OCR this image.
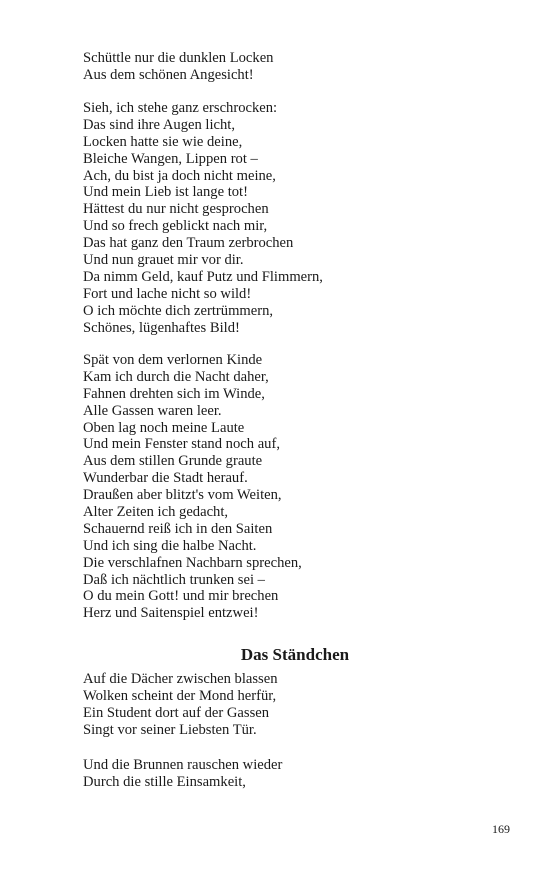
Schüttle nur die dunklen Locken
Aus dem schönen Angesicht!
Sieh, ich stehe ganz erschrocken:
Das sind ihre Augen licht,
Locken hatte sie wie deine,
Bleiche Wangen, Lippen rot –
Ach, du bist ja doch nicht meine,
Und mein Lieb ist lange tot!
Hättest du nur nicht gesprochen
Und so frech geblickt nach mir,
Das hat ganz den Traum zerbrochen
Und nun grauet mir vor dir.
Da nimm Geld, kauf Putz und Flimmern,
Fort und lache nicht so wild!
O ich möchte dich zertrümmern,
Schönes, lügenhaftes Bild!
Spät von dem verlornen Kinde
Kam ich durch die Nacht daher,
Fahnen drehten sich im Winde,
Alle Gassen waren leer.
Oben lag noch meine Laute
Und mein Fenster stand noch auf,
Aus dem stillen Grunde graute
Wunderbar die Stadt herauf.
Draußen aber blitzt's vom Weiten,
Alter Zeiten ich gedacht,
Schauernd reiß ich in den Saiten
Und ich sing die halbe Nacht.
Die verschlafnen Nachbarn sprechen,
Daß ich nächtlich trunken sei –
O du mein Gott! und mir brechen
Herz und Saitenspiel entzwei!
Das Ständchen
Auf die Dächer zwischen blassen
Wolken scheint der Mond herfür,
Ein Student dort auf der Gassen
Singt vor seiner Liebsten Tür.
Und die Brunnen rauschen wieder
Durch die stille Einsamkeit,
169
